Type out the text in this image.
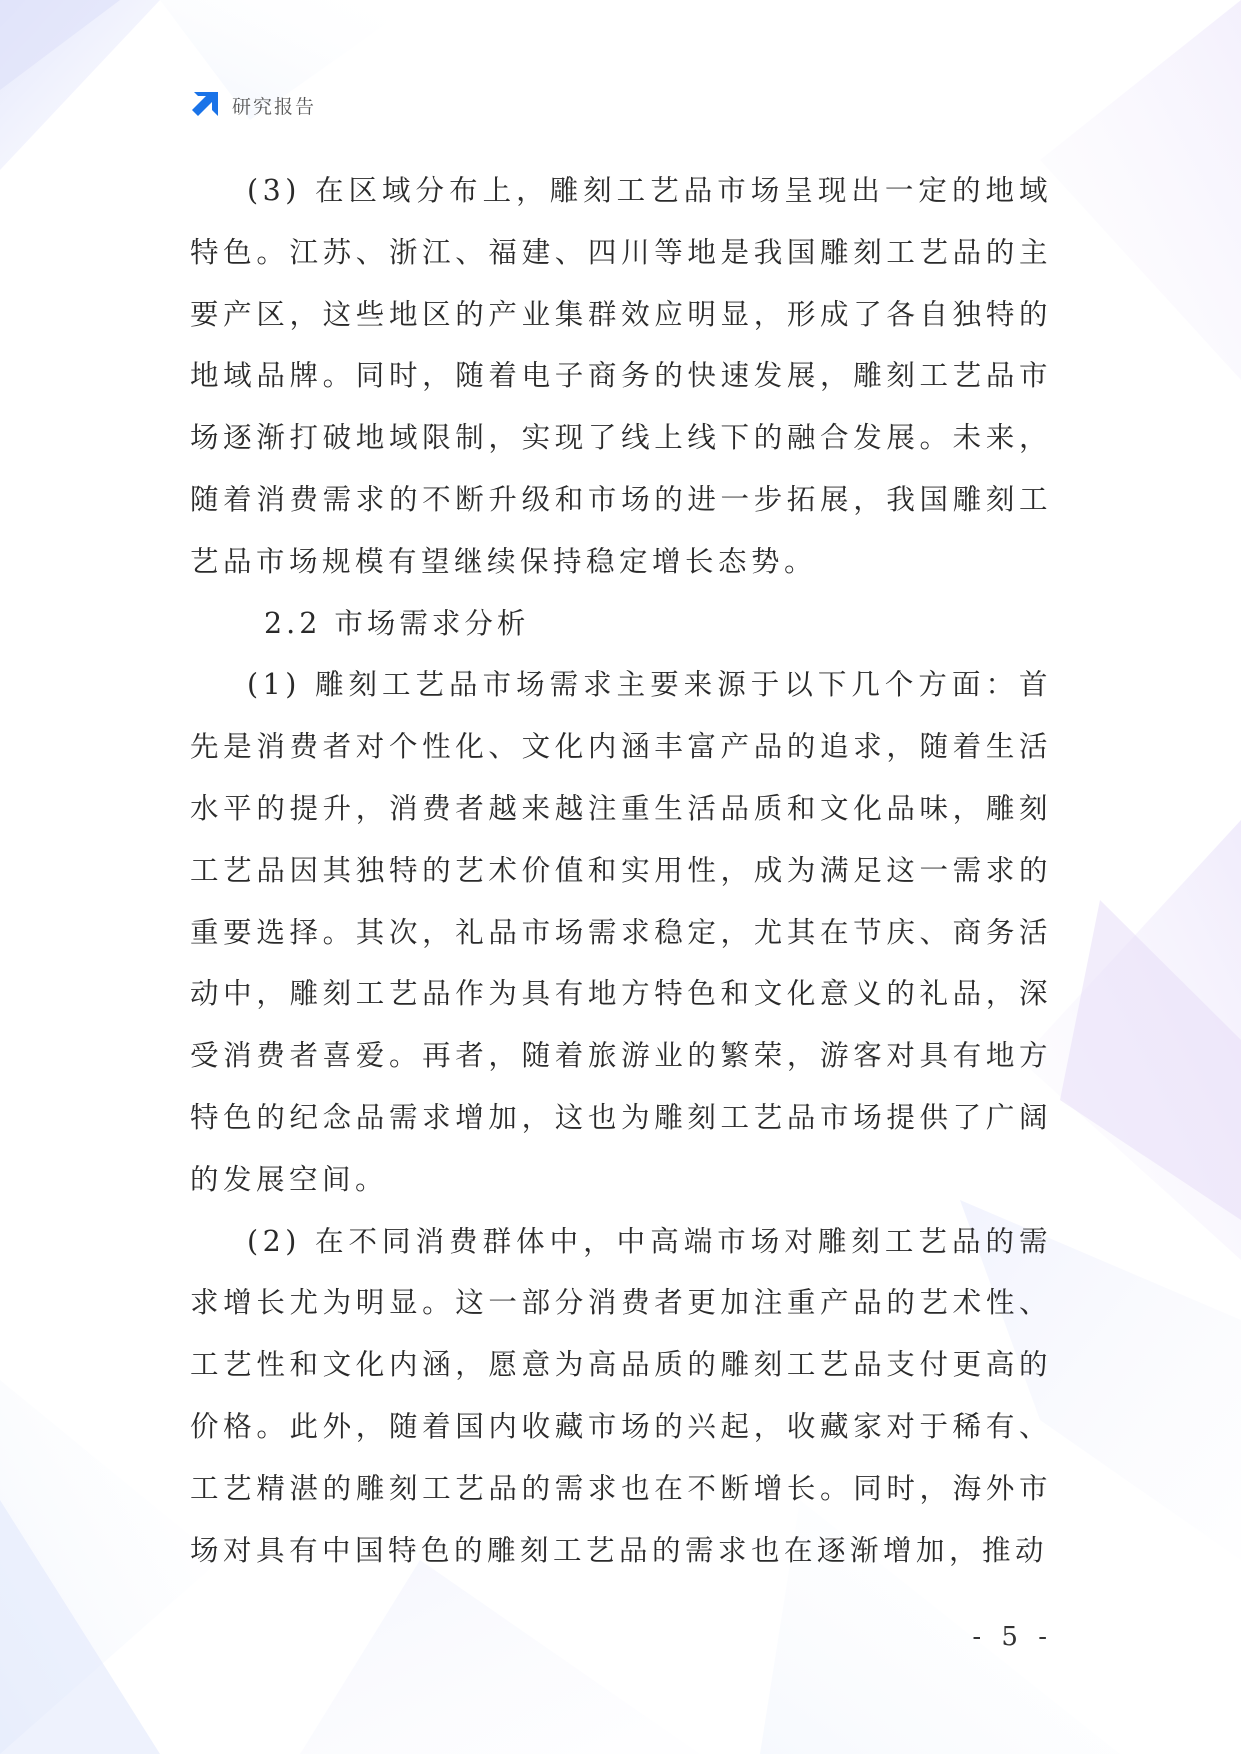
研究报告

(3) 在区域分布上，雕刻工艺品市场呈现出一定的地域特色。江苏、浙江、福建、四川等地是我国雕刻工艺品的主要产区，这些地区的产业集群效应明显，形成了各自独特的地域品牌。同时，随着电子商务的快速发展，雕刻工艺品市场逐渐打破地域限制，实现了线上线下的融合发展。未来，随着消费需求的不断升级和市场的进一步拓展，我国雕刻工艺品市场规模有望继续保持稳定增长态势。

2.2 市场需求分析

(1) 雕刻工艺品市场需求主要来源于以下几个方面：首先是消费者对个性化、文化内涵丰富产品的追求，随着生活水平的提升，消费者越来越注重生活品质和文化品味，雕刻工艺品因其独特的艺术价值和实用性，成为满足这一需求的重要选择。其次，礼品市场需求稳定，尤其在节庆、商务活动中，雕刻工艺品作为具有地方特色和文化意义的礼品，深受消费者喜爱。再者，随着旅游业的繁荣，游客对具有地方特色的纪念品需求增加，这也为雕刻工艺品市场提供了广阔的发展空间。

(2) 在不同消费群体中，中高端市场对雕刻工艺品的需求增长尤为明显。这一部分消费者更加注重产品的艺术性、工艺性和文化内涵，愿意为高品质的雕刻工艺品支付更高的价格。此外，随着国内收藏市场的兴起，收藏家对于稀有、工艺精湛的雕刻工艺品的需求也在不断增长。同时，海外市场对具有中国特色的雕刻工艺品的需求也在逐渐增加，推动

- 5 -
